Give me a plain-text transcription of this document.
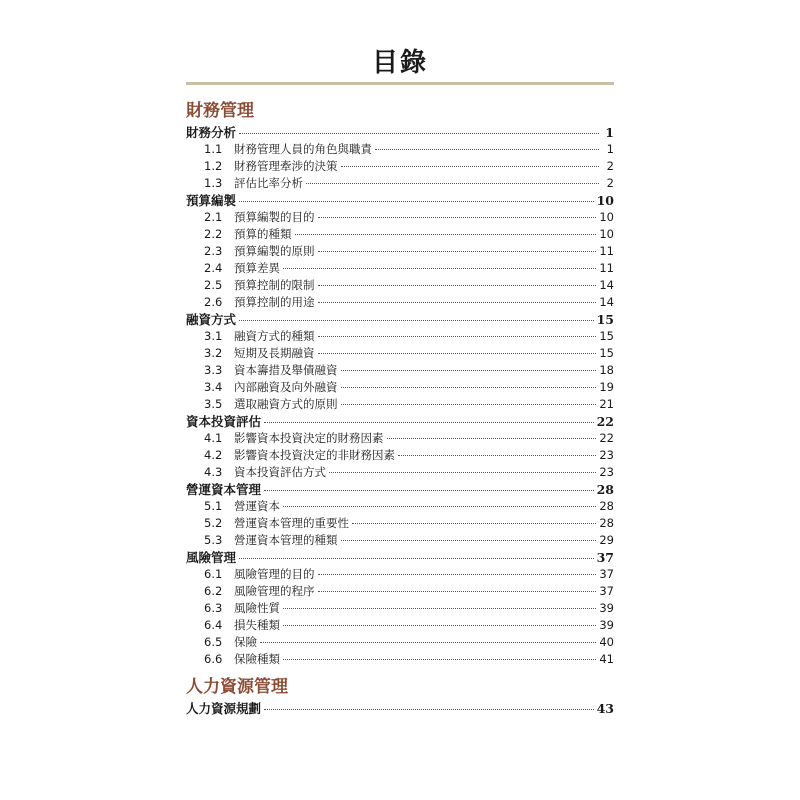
目錄
財務管理
財務分析	1
1.1	財務管理人員的角色與職責	1
1.2	財務管理牽涉的決策	2
1.3	評估比率分析	2
預算編製	10
2.1	預算編製的目的	10
2.2	預算的種類	10
2.3	預算編製的原則	11
2.4	預算差異	11
2.5	預算控制的限制	14
2.6	預算控制的用途	14
融資方式	15
3.1	融資方式的種類	15
3.2	短期及長期融資	15
3.3	資本籌措及舉債融資	18
3.4	內部融資及向外融資	19
3.5	選取融資方式的原則	21
資本投資評估	22
4.1	影響資本投資決定的財務因素	22
4.2	影響資本投資決定的非財務因素	23
4.3	資本投資評估方式	23
營運資本管理	28
5.1	營運資本	28
5.2	營運資本管理的重要性	28
5.3	營運資本管理的種類	29
風險管理	37
6.1	風險管理的目的	37
6.2	風險管理的程序	37
6.3	風險性質	39
6.4	損失種類	39
6.5	保險	40
6.6	保險種類	41
人力資源管理
人力資源規劃	43
